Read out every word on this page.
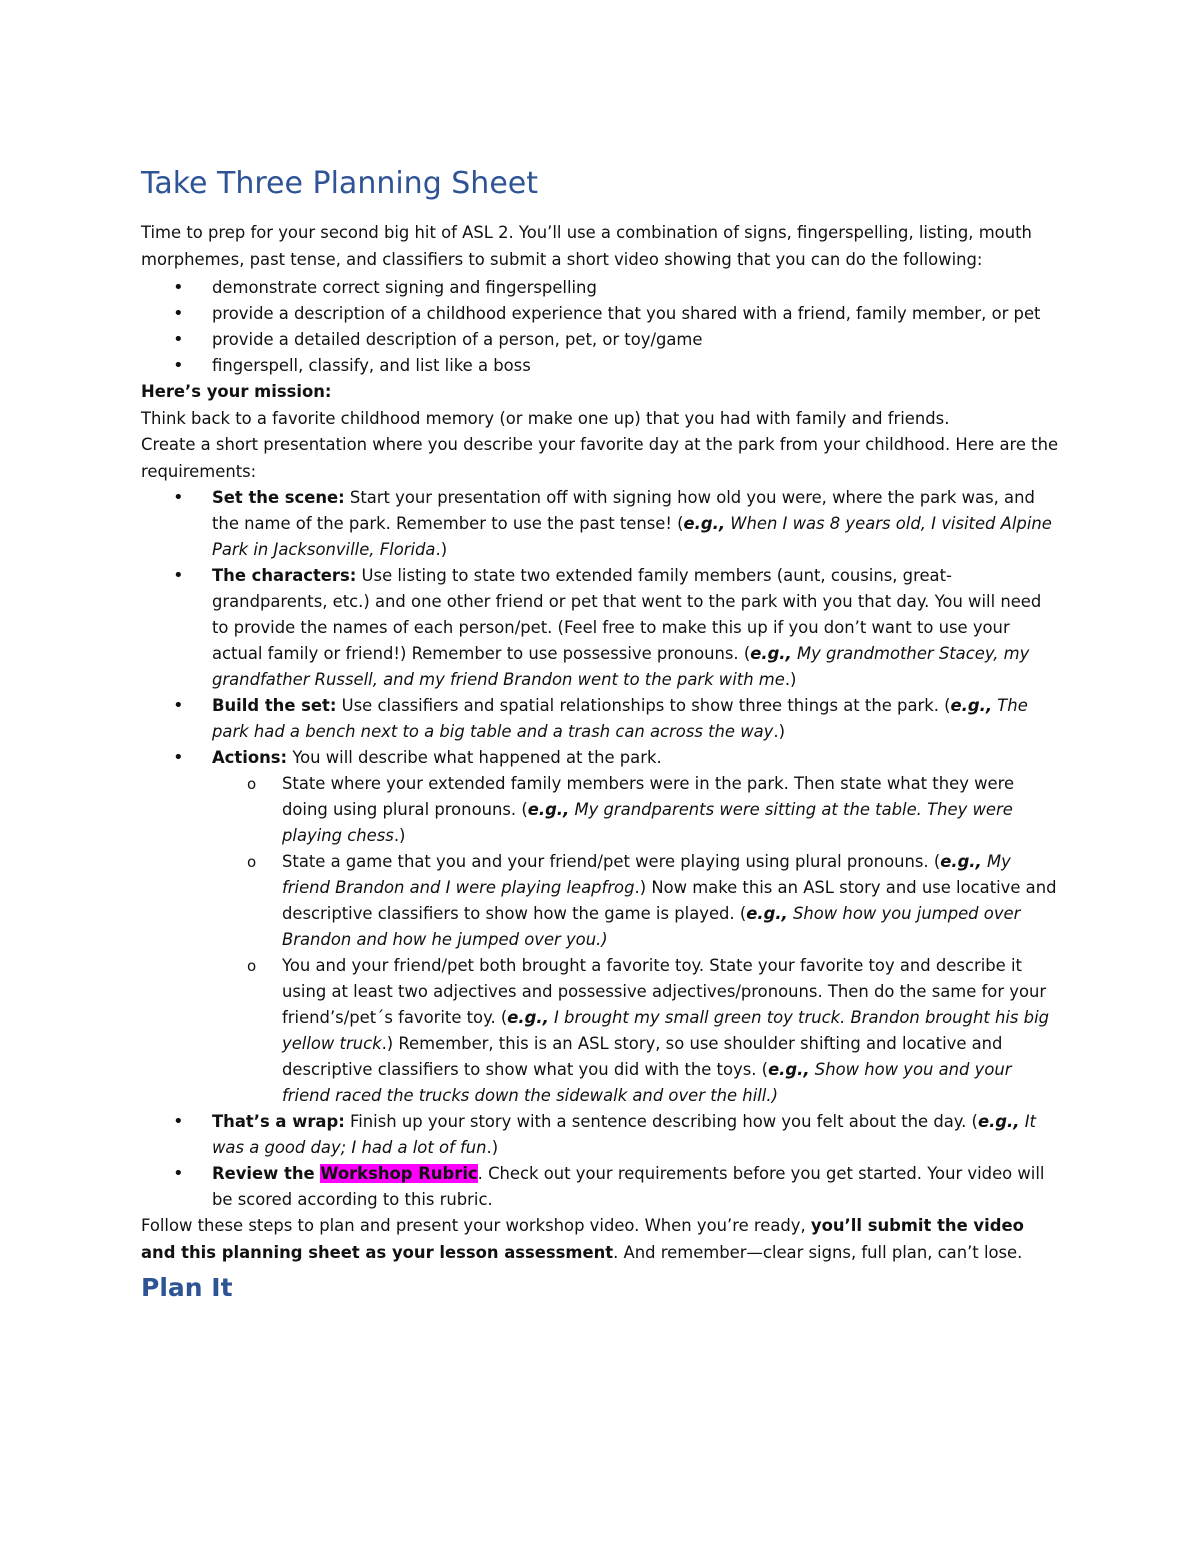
Take Three Planning Sheet

Time to prep for your second big hit of ASL 2. You’ll use a combination of signs, fingerspelling, listing, mouth morphemes, past tense, and classifiers to submit a short video showing that you can do the following:

• demonstrate correct signing and fingerspelling
• provide a description of a childhood experience that you shared with a friend, family member, or pet
• provide a detailed description of a person, pet, or toy/game
• fingerspell, classify, and list like a boss

Here’s your mission:

Think back to a favorite childhood memory (or make one up) that you had with family and friends.

Create a short presentation where you describe your favorite day at the park from your childhood. Here are the requirements:

• Set the scene: Start your presentation off with signing how old you were, where the park was, and the name of the park. Remember to use the past tense! (e.g., When I was 8 years old, I visited Alpine Park in Jacksonville, Florida.)
• The characters: Use listing to state two extended family members (aunt, cousins, great-grandparents, etc.) and one other friend or pet that went to the park with you that day. You will need to provide the names of each person/pet. (Feel free to make this up if you don’t want to use your actual family or friend!) Remember to use possessive pronouns. (e.g., My grandmother Stacey, my grandfather Russell, and my friend Brandon went to the park with me.)
• Build the set: Use classifiers and spatial relationships to show three things at the park. (e.g., The park had a bench next to a big table and a trash can across the way.)
• Actions: You will describe what happened at the park.
o State where your extended family members were in the park. Then state what they were doing using plural pronouns. (e.g., My grandparents were sitting at the table. They were playing chess.)
o State a game that you and your friend/pet were playing using plural pronouns. (e.g., My friend Brandon and I were playing leapfrog.) Now make this an ASL story and use locative and descriptive classifiers to show how the game is played. (e.g., Show how you jumped over Brandon and how he jumped over you.)
o You and your friend/pet both brought a favorite toy. State your favorite toy and describe it using at least two adjectives and possessive adjectives/pronouns. Then do the same for your friend’s/pet´s favorite toy. (e.g., I brought my small green toy truck. Brandon brought his big yellow truck.) Remember, this is an ASL story, so use shoulder shifting and locative and descriptive classifiers to show what you did with the toys. (e.g., Show how you and your friend raced the trucks down the sidewalk and over the hill.)
• That’s a wrap: Finish up your story with a sentence describing how you felt about the day. (e.g., It was a good day; I had a lot of fun.)
• Review the Workshop Rubric. Check out your requirements before you get started. Your video will be scored according to this rubric.

Follow these steps to plan and present your workshop video. When you’re ready, you’ll submit the video and this planning sheet as your lesson assessment. And remember—clear signs, full plan, can’t lose.

Plan It
